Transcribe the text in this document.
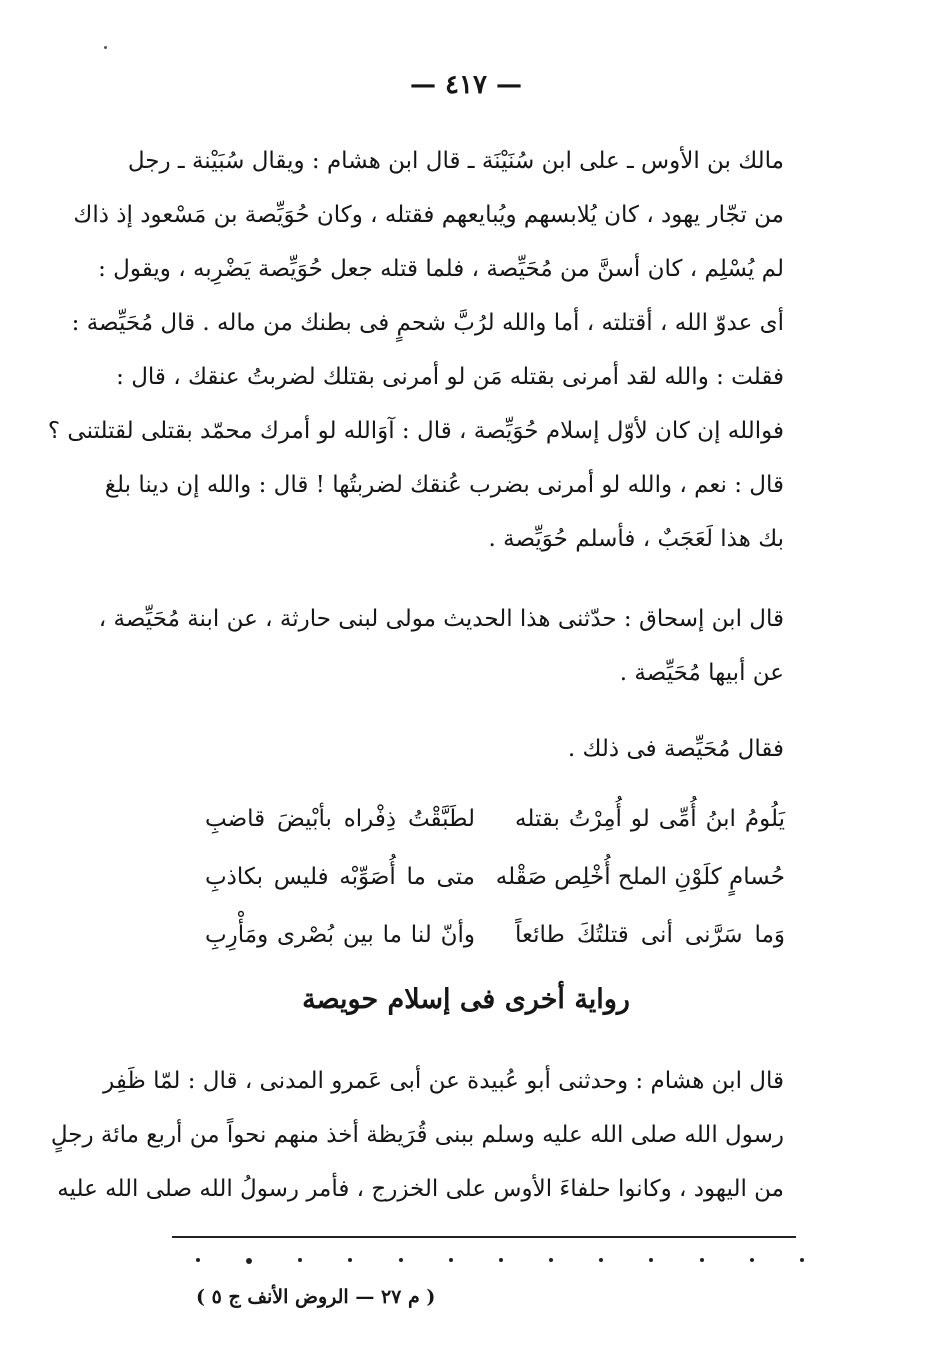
— ٤١٧ —
مالك بن الأوس ـ على ابن سُنَيْنَة ـ قال ابن هشام : ويقال سُبَيْنة ـ رجل
من تجّار يهود ، كان يُلابسهم ويُبايعهم فقتله ، وكان حُوَيِّصة بن مَسْعود إذ ذاك
لم يُسْلِم ، كان أسنَّ من مُحَيِّصة ، فلما قتله جعل حُوَيِّصة يَضْرِبه ، ويقول :
أى عدوّ الله ، أقتلته ، أما والله لرُبَّ شحمٍ فى بطنك من ماله . قال مُحَيِّصة :
فقلت : والله لقد أمرنى بقتله مَن لو أمرنى بقتلك لضربتُ عنقك ، قال :
فوالله إن كان لأوّل إسلام حُوَيِّصة ، قال : آوَالله لو أمرك محمّد بقتلى لقتلتنى ؟
قال : نعم ، والله لو أمرنى بضرب عُنقك لضربتُها ! قال : والله إن دينا بلغ
بك هذا لَعَجَبٌ ، فأسلم حُوَيِّصة .
قال ابن إسحاق : حدّثنى هذا الحديث مولى لبنى حارثة ، عن ابنة مُحَيِّصة ،
عن أبيها مُحَيِّصة .

فقال مُحَيِّصة فى ذلك .

يَلُومُ ابنُ أُمِّى لو أُمِرْتُ بقتله
لطَبَّقْتُ ذِفْراه بأبْيضَ قاضبِ
حُسامٍ كلَوْنِ الملح أُخْلِص صَقْله
متى ما أُصَوِّبْه فليس بكاذبِ
وَما سَرَّنى أنى قتلتُكَ طائعاً
وأنّ لنا ما بين بُصْرى ومَأْرِبِ
رواية أخرى فى إسلام حويصة
قال ابن هشام : وحدثنى أبو عُبيدة عن أبى عَمرو المدنى ، قال : لمّا ظَفِر
رسول الله صلى الله عليه وسلم ببنى قُرَيظة أخذ منهم نحواً من أربع مائة رجلٍ
من اليهود ، وكانوا حلفاءَ الأوس على الخزرج ، فأمر رسولُ الله صلى الله عليه
( م ٢٧ — الروض الأنف ج ٥ )
